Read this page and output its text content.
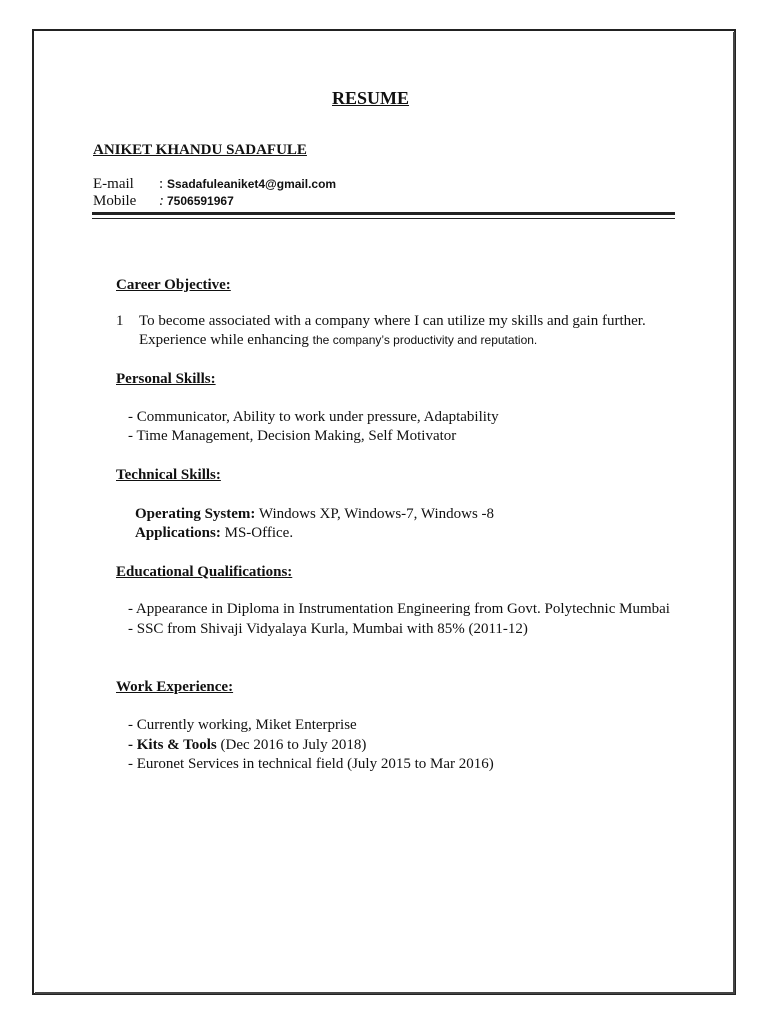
RESUME
ANIKET KHANDU SADAFULE
E-mail : Ssadafuleaniket4@gmail.com
Mobile : 7506591967
Career Objective:
1 To become associated with a company where I can utilize my skills and gain further.
Experience while enhancing the company’s productivity and reputation.
Personal Skills:
- Communicator, Ability to work under pressure, Adaptability
- Time Management, Decision Making, Self Motivator
Technical Skills:
Operating System: Windows XP, Windows-7, Windows -8
Applications: MS-Office.
Educational Qualifications:
- Appearance in Diploma in Instrumentation Engineering from Govt. Polytechnic Mumbai
- SSC from Shivaji Vidyalaya Kurla, Mumbai with 85% (2011-12)
Work Experience:
- Currently working, Miket Enterprise
- Kits & Tools (Dec 2016 to July 2018)
- Euronet Services in technical field (July 2015 to Mar 2016)
